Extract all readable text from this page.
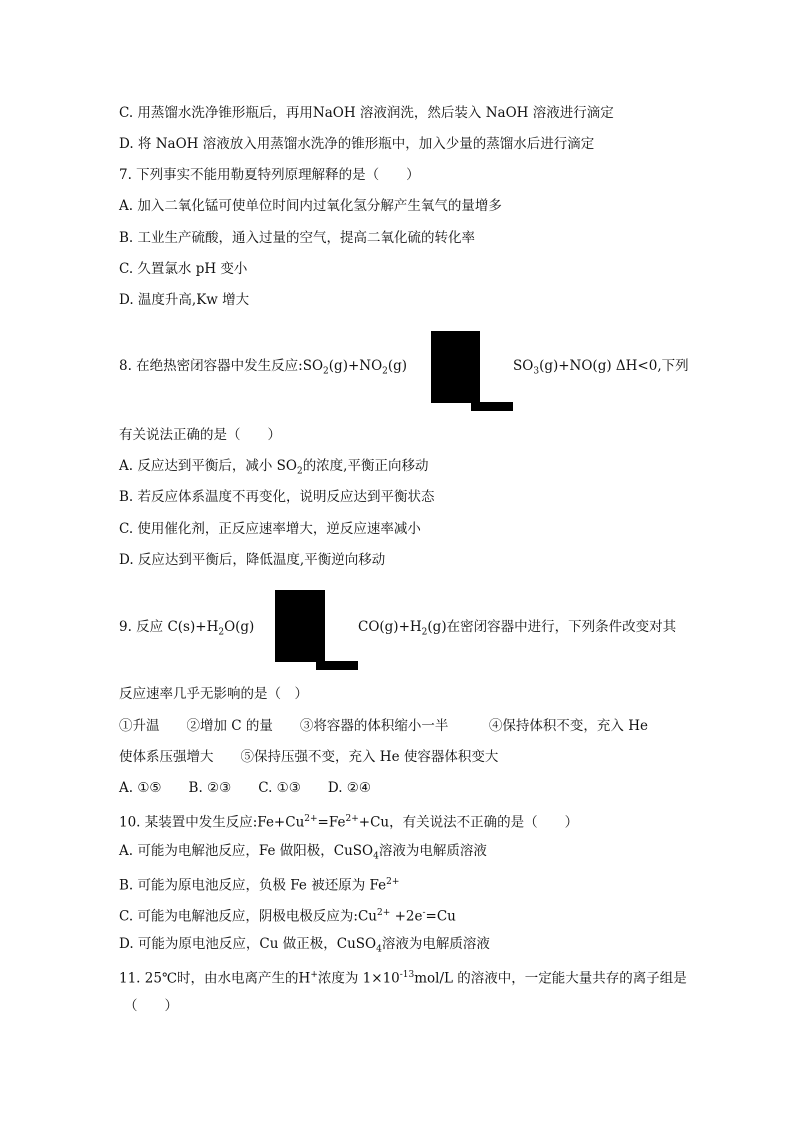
C. 用蒸馏水洗净锥形瓶后，再用NaOH 溶液润洗，然后装入 NaOH 溶液进行滴定
D. 将 NaOH 溶液放入用蒸馏水洗净的锥形瓶中，加入少量的蒸馏水后进行滴定
7. 下列事实不能用勒夏特列原理解释的是（　　）
A. 加入二氧化锰可使单位时间内过氧化氢分解产生氧气的量增多
B. 工业生产硫酸，通入过量的空气，提高二氧化硫的转化率
C. 久置氯水 pH 变小
D. 温度升高,Kw 增大
8. 在绝热密闭容器中发生反应$:SO_2(g)+NO_2(g)$	$SO_3(g)+NO(g)$ ΔH<0,下列
有关说法正确的是（　　）
A. 反应达到平衡后，减小 $SO_2$的浓度,平衡正向移动
B. 若反应体系温度不再变化，说明反应达到平衡状态
C. 使用催化剂，正反应速率增大，逆反应速率减小
D. 反应达到平衡后，降低温度,平衡逆向移动
9. 反应 $C(s)+H_2O(g)$	$CO(g)+H_2(g)$在密闭容器中进行，下列条件改变对其
反应速率几乎无影响的是（　）
①升温　　②增加 C 的量　　③将容器的体积缩小一半　　　④保持体积不变，充入 He
使体系压强增大　　⑤保持压强不变，充入 He 使容器体积变大
A. ①⑤　　B. ②③　　C. ①③　　D. ②④
10. 某装置中发生反应$:Fe+Cu^{2+}=Fe^{2+}+Cu$，有关说法不正确的是（　　）
A. 可能为电解池反应，Fe 做阳极，CuSO$_4$溶液为电解质溶液
B. 可能为原电池反应，负极 Fe 被还原为 $Fe^{2+}$
C. 可能为电解池反应，阴极电极反应为$:Cu^{2+} +2e^-=Cu$
D. 可能为原电池反应，Cu 做正极，CuSO$_4$溶液为电解质溶液
11. 25℃时，由水电离产生的H+浓度为 $1\times 10^{-13}mol/L$ 的溶液中，一定能大量共存的离子组是
（　　）
